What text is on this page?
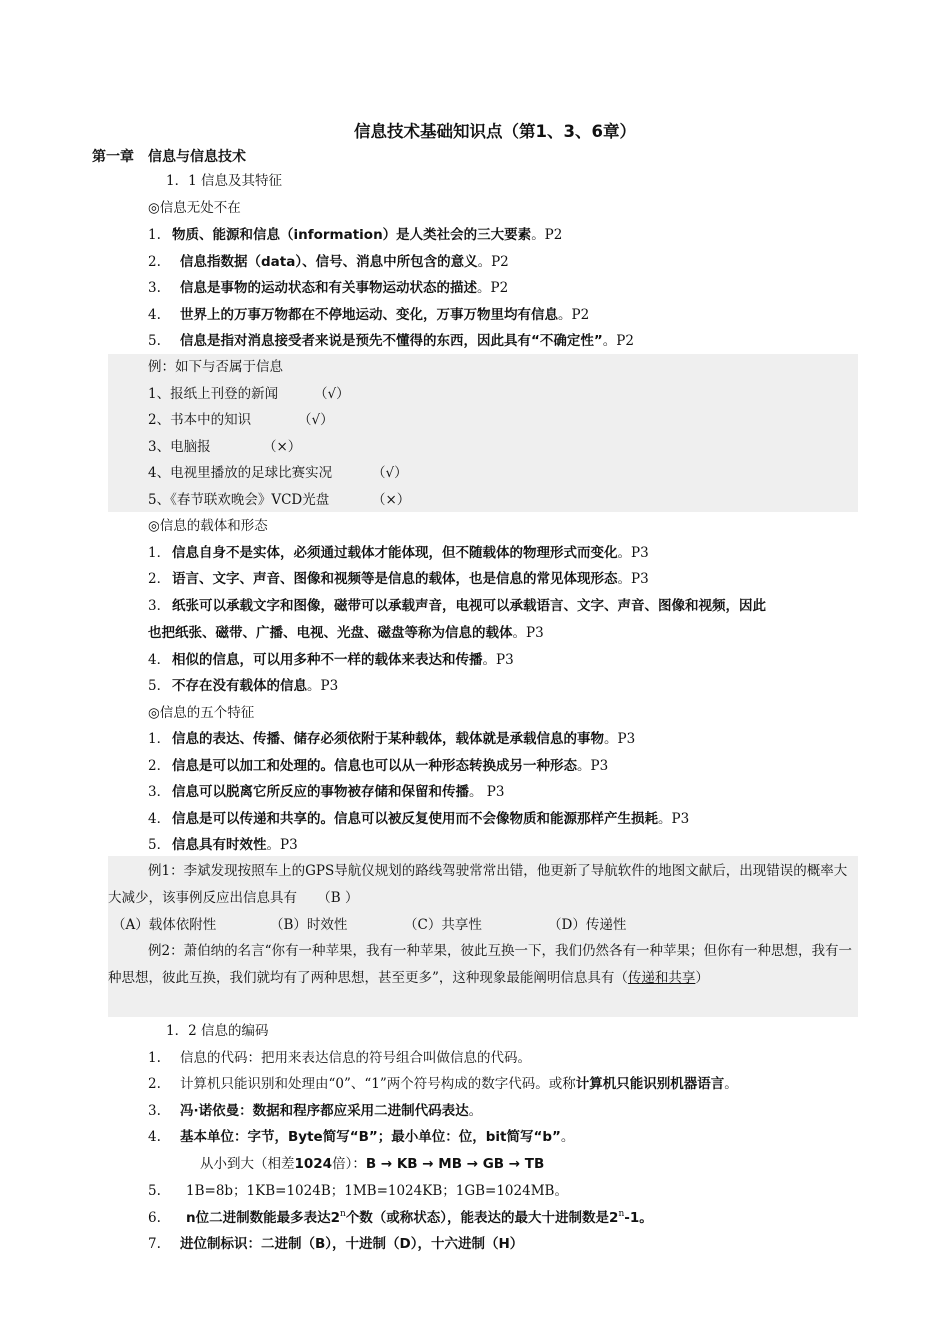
信息技术基础知识点（第1、3、6章）
第一章 信息与信息技术
1．1 信息及其特征
◎信息无处不在
1. 物质、能源和信息（information）是人类社会的三大要素。P2
2. 信息指数据（data）、信号、消息中所包含的意义。P2
3. 信息是事物的运动状态和有关事物运动状态的描述。P2
4. 世界上的万事万物都在不停地运动、变化，万事万物里均有信息。P2
5. 信息是指对消息接受者来说是预先不懂得的东西，因此具有“不确定性”。P2
例：如下与否属于信息
1、报纸上刊登的新闻	（√）
2、书本中的知识	（√）
3、电脑报	（×）
4、电视里播放的足球比赛实况	（√）
5、《春节联欢晚会》VCD光盘	（×）
◎信息的载体和形态
1． 信息自身不是实体，必须通过载体才能体现，但不随载体的物理形式而变化。P3
2． 语言、文字、声音、图像和视频等是信息的载体，也是信息的常见体现形态。P3
3． 纸张可以承载文字和图像，磁带可以承载声音，电视可以承载语言、文字、声音、图像和视频，因此
也把纸张、磁带、广播、电视、光盘、磁盘等称为信息的载体。P3
4． 相似的信息，可以用多种不一样的载体来表达和传播。P3
5． 不存在没有载体的信息。P3
◎信息的五个特征
1． 信息的表达、传播、储存必须依附于某种载体，载体就是承载信息的事物。P3
2． 信息是可以加工和处理的。信息也可以从一种形态转换成另一种形态。P3
3． 信息可以脱离它所反应的事物被存储和保留和传播。 P3
4． 信息是可以传递和共享的。信息可以被反复使用而不会像物质和能源那样产生损耗。P3
5． 信息具有时效性。P3
例1：李斌发现按照车上的GPS导航仪规划的路线驾驶常常出错，他更新了导航软件的地图文献后，出现错误的概率大大减少，该事例反应出信息具有　　（B ）
（A）载体依附性	（B）时效性	（C）共享性	（D）传递性
例2：萧伯纳的名言“你有一种苹果，我有一种苹果，彼此互换一下，我们仍然各有一种苹果；但你有一种思想，我有一种思想，彼此互换，我们就均有了两种思想，甚至更多”，这种现象最能阐明信息具有（传递和共享）
1．2 信息的编码
1. 信息的代码：把用来表达信息的符号组合叫做信息的代码。
2. 计算机只能识别和处理由“0”、“1”两个符号构成的数字代码。或称计算机只能识别机器语言。
3. 冯·诺依曼：数据和程序都应采用二进制代码表达。
4. 基本单位：字节，Byte简写“B”；最小单位：位，bit简写“b”。
从小到大（相差1024倍）：B → KB → MB → GB → TB
5. 1B=8b；1KB=1024B；1MB=1024KB；1GB=1024MB。
6. n位二进制数能最多表达2$^n$个数（或称状态），能表达的最大十进制数是2$^n$-1。
7. 进位制标识：二进制（B），十进制（D），十六进制（H）
